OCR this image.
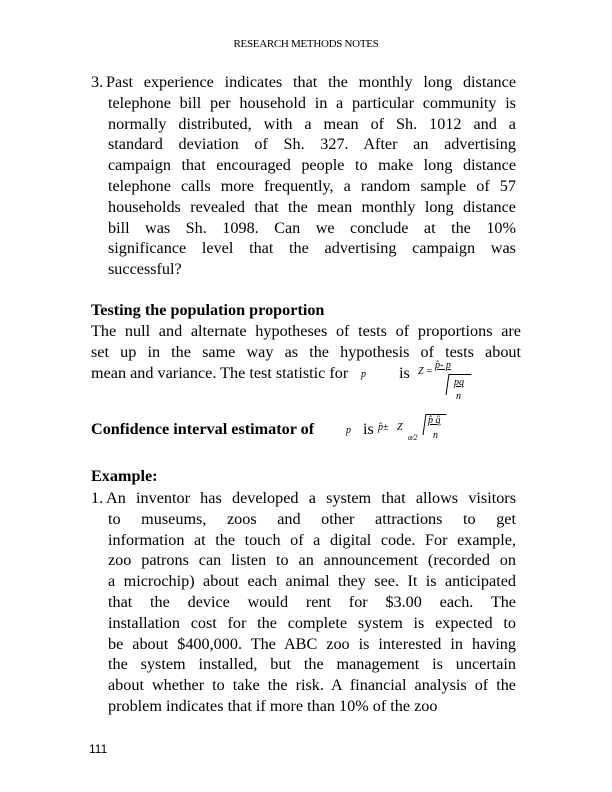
RESEARCH METHODS NOTES
3. Past experience indicates that the monthly long distance
telephone bill per household in a particular community is
normally distributed, with a mean of Sh. 1012 and a
standard deviation of Sh. 327. After an advertising
campaign that encouraged people to make long distance
telephone calls more frequently, a random sample of 57
households revealed that the mean monthly long distance
bill was Sh. 1098. Can we conclude at the 10%
significance level that the advertising campaign was
successful?
Testing the population proportion
The null and alternate hypotheses of tests of proportions are
set up in the same way as the hypothesis of tests about
mean and variance. The test statistic for p is Z =
p̂- p
pq
n
Confidence interval estimator of	p is p̂± Z
α⁄2
p̂ q̂
n
Example:
1. An inventor has developed a system that allows visitors
to museums, zoos and other attractions to get
information at the touch of a digital code. For example,
zoo patrons can listen to an announcement (recorded on
a microchip) about each animal they see. It is anticipated
that the device would rent for $3.00 each. The
installation cost for the complete system is expected to
be about $400,000. The ABC zoo is interested in having
the system installed, but the management is uncertain
about whether to take the risk. A financial analysis of the
problem indicates that if more than 10% of the zoo
111
